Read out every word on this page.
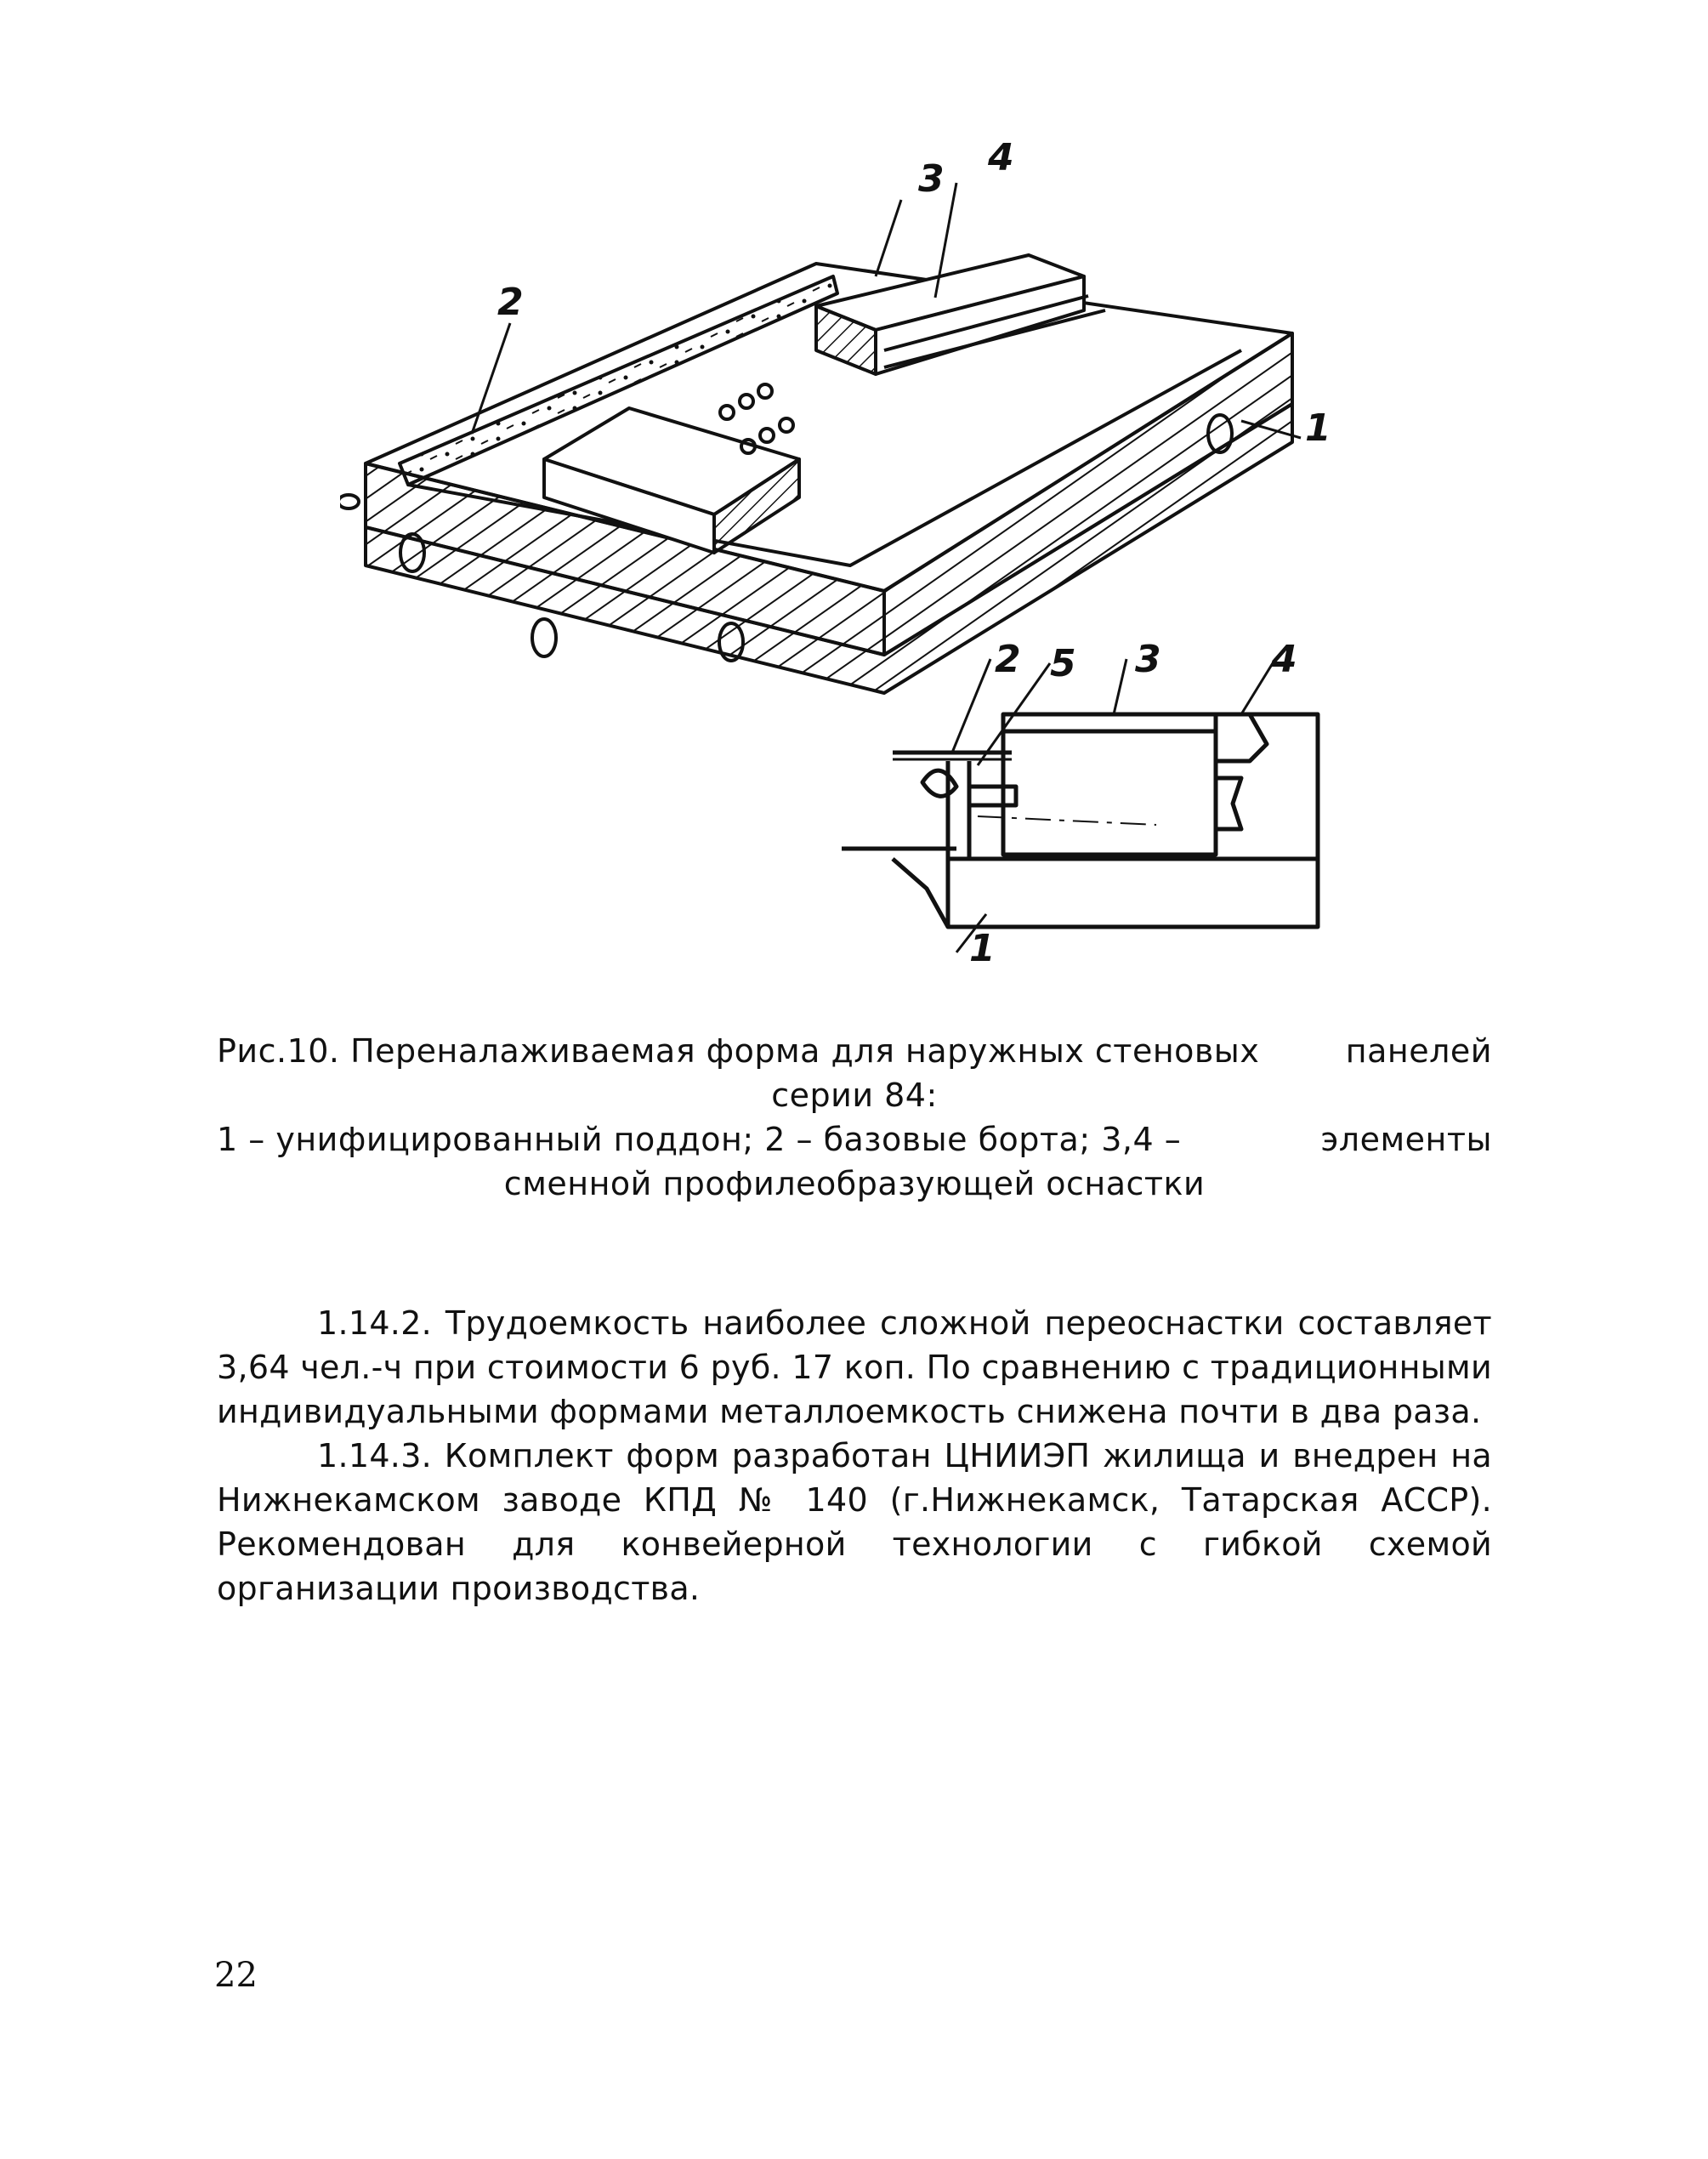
2
3 4
1
2 5 3	4
1
Рис.10. Переналаживаемая форма для наружных стеновых	панелей
серии 84:
1 – унифицированный поддон; 2 – базовые борта; 3,4 –	элементы
сменной профилеобразующей оснастки

1.14.2. Трудоемкость наиболее сложной переоснастки составляет 3,64 чел.-ч при стоимости 6 руб. 17 коп. По сравнению с традиционными индивидуальными формами металлоемкость снижена почти в два раза.

1.14.3. Комплект форм разработан ЦНИИЭП жилища и внедрен на Нижнекамском заводе КПД № 140 (г.Нижнекамск, Татарская АССР). Рекомендован для конвейерной технологии с гибкой схемой организации производства.

22
